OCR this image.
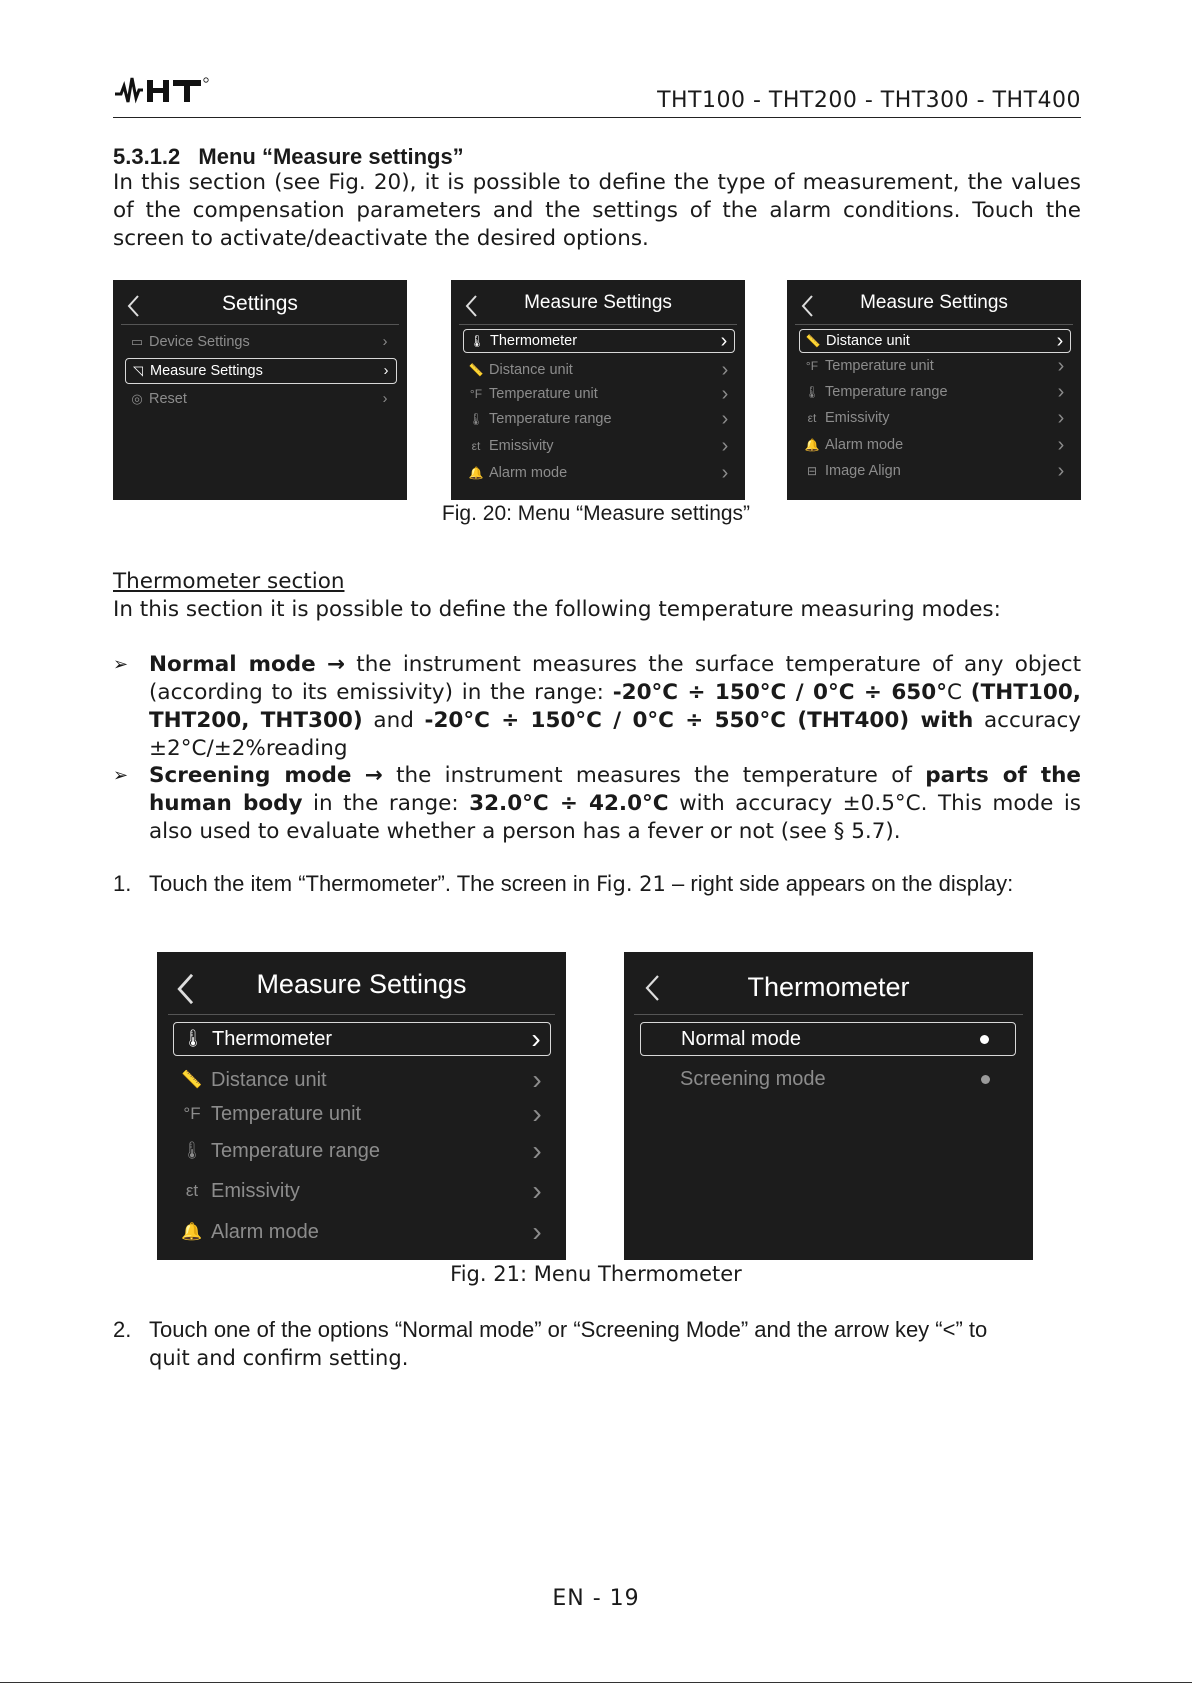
THT100 - THT200 - THT300 - THT400
5.3.1.2 Menu “Measure settings”
In this section (see Fig. 20), it is possible to define the type of measurement, the values of the compensation parameters and the settings of the alarm conditions. Touch the screen to activate/deactivate the desired options.
Settings
▭ Device Settings	›
◹ Measure Settings	›
◎ Reset	›
Measure Settings
🌡 Thermometer	›
📏 Distance unit	›
°F Temperature unit	›
🌡 Temperature range	›
εt Emissivity	›
🔔 Alarm mode	›
Measure Settings
📏 Distance unit	›
°F Temperature unit	›
🌡 Temperature range	›
εt Emissivity	›
🔔 Alarm mode	›
⊟ Image Align	›
Fig. 20: Menu “Measure settings”
Thermometer section
In this section it is possible to define the following temperature measuring modes:
➢ Normal mode → the instrument measures the surface temperature of any object (according to its emissivity) in the range: -20°C ÷ 150°C / 0°C ÷ 650°C (THT100, THT200, THT300) and -20°C ÷ 150°C / 0°C ÷ 550°C (THT400) with accuracy ±2°C/±2%reading
➢ Screening mode → the instrument measures the temperature of parts of the human body in the range: 32.0°C ÷ 42.0°C with accuracy ±0.5°C. This mode is also used to evaluate whether a person has a fever or not (see § 5.7).
1. Touch the item “Thermometer”. The screen in Fig. 21 – right side appears on the display:
Measure Settings
🌡 Thermometer	›
📏 Distance unit	›
°F Temperature unit	›
🌡 Temperature range	›
εt Emissivity	›
🔔 Alarm mode	›
Thermometer
Normal mode
Screening mode
Fig. 21: Menu Thermometer
2. Touch one of the options “Normal mode” or “Screening Mode” and the arrow key “<” to
quit and confirm setting.
EN - 19
